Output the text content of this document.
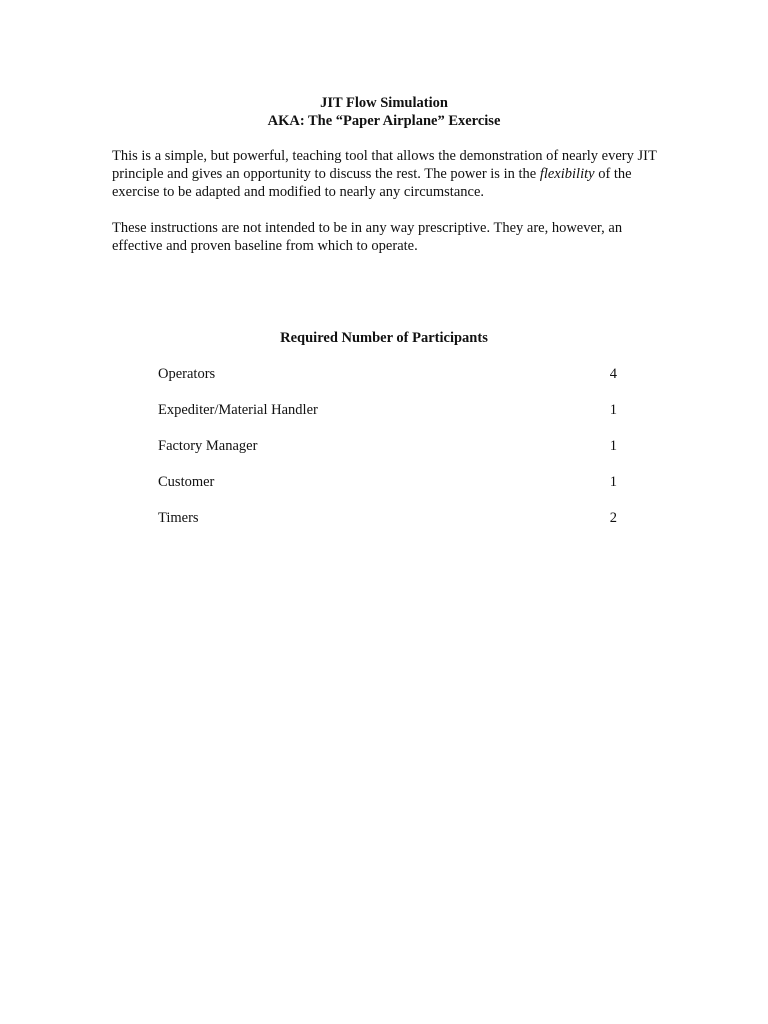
JIT Flow Simulation
AKA: The “Paper Airplane” Exercise
This is a simple, but powerful, teaching tool that allows the demonstration of nearly every JIT principle and gives an opportunity to discuss the rest. The power is in the flexibility of the exercise to be adapted and modified to nearly any circumstance.
These instructions are not intended to be in any way prescriptive. They are, however, an effective and proven baseline from which to operate.
Required Number of Participants
Operators	4
Expediter/Material Handler	1
Factory Manager	1
Customer	1
Timers	2
